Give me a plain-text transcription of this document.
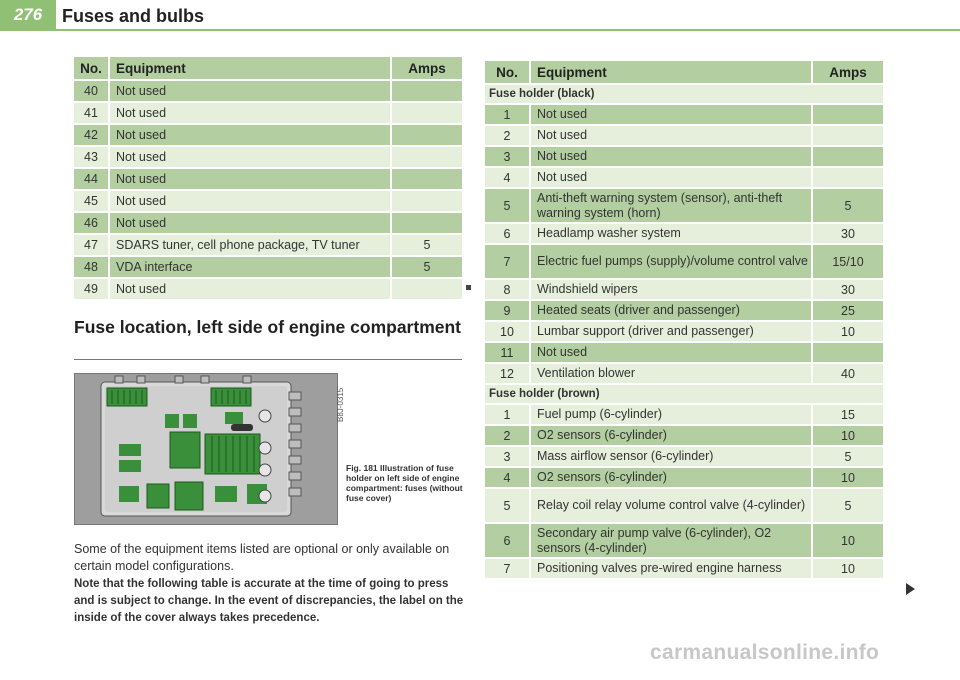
276	Fuses and bulbs
No.	Equipment	Amps
40	Not used	
41	Not used	
42	Not used	
43	Not used	
44	Not used	
45	Not used	
46	Not used	
47	SDARS tuner, cell phone package, TV tuner	5
48	VDA interface	5
49	Not used	
Fuse location, left side of engine compartment
B8J-0315
Fig. 181 Illustration of fuse holder on left side of engine compartment: fuses (without fuse cover)
Some of the equipment items listed are optional or only available on certain model configurations.
Note that the following table is accurate at the time of going to press and is subject to change. In the event of discrepancies, the label on the inside of the cover always takes precedence.
No.	Equipment	Amps
Fuse holder (black)		
1	Not used	
2	Not used	
3	Not used	
4	Not used	
5	Anti-theft warning system (sensor), anti-theft warning system (horn)	5
6	Headlamp washer system	30
7	Electric fuel pumps (supply)/volume control valve	15/10
8	Windshield wipers	30
9	Heated seats (driver and passenger)	25
10	Lumbar support (driver and passenger)	10
11	Not used	
12	Ventilation blower	40
Fuse holder (brown)		
1	Fuel pump (6-cylinder)	15
2	O2 sensors (6-cylinder)	10
3	Mass airflow sensor (6-cylinder)	5
4	O2 sensors (6-cylinder)	10
5	Relay coil relay volume control valve (4-cylinder)	5
6	Secondary air pump valve (6-cylinder), O2 sensors (4-cylinder)	10
7	Positioning valves pre-wired engine harness	10
carmanualsonline.info
